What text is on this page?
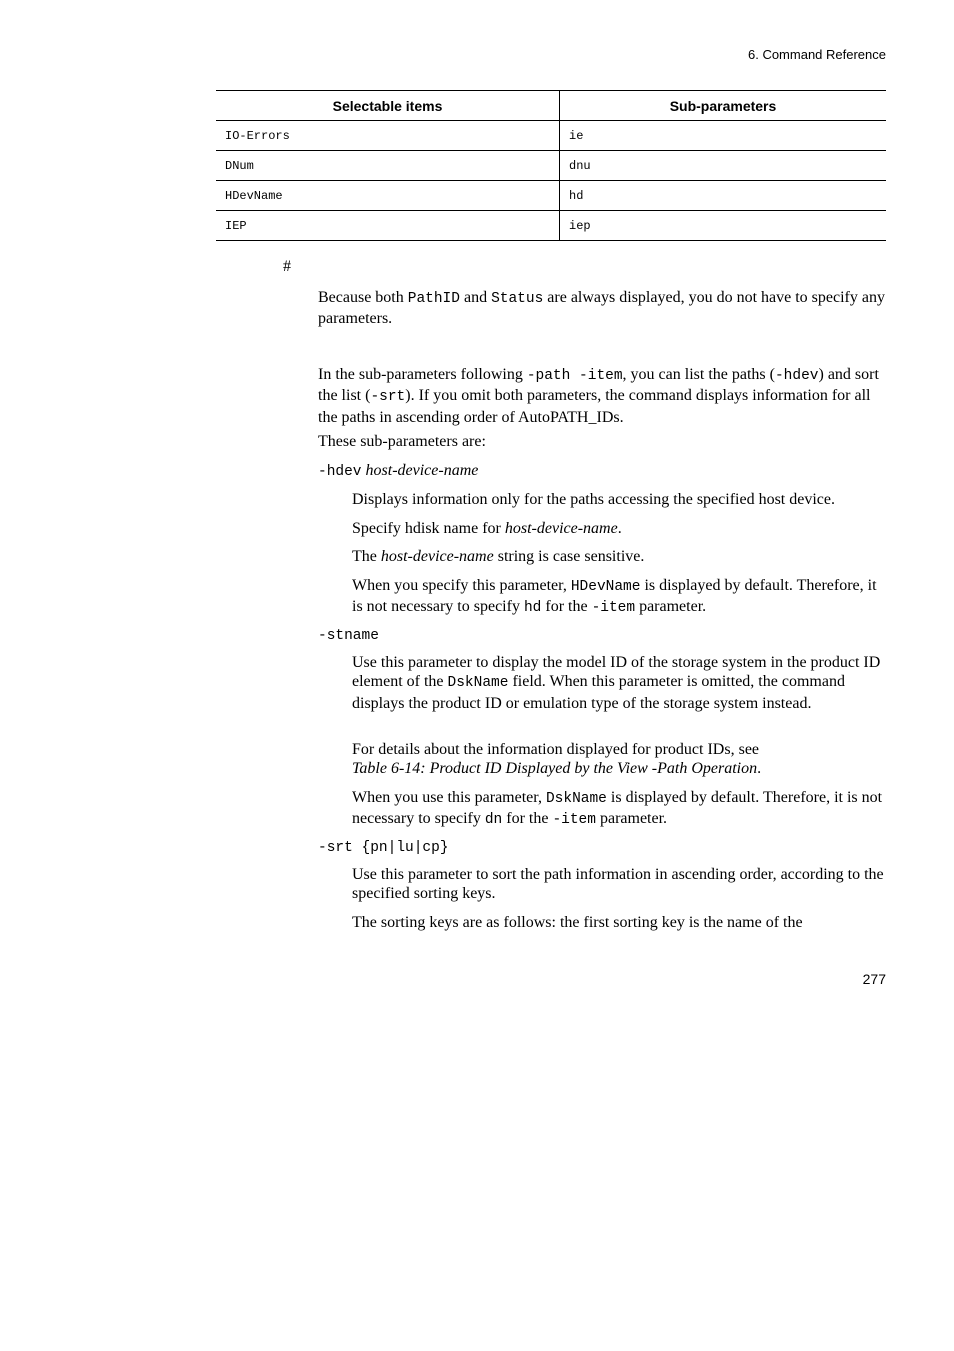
6. Command Reference
Selectable items	Sub-parameters
IO-Errors	ie
DNum	dnu
HDevName	hd
IEP	iep
#

Because both PathID and Status are always displayed, you do not have to specify any parameters.

In the sub-parameters following -path -item, you can list the paths (-hdev) and sort the list (-srt). If you omit both parameters, the command displays information for all the paths in ascending order of AutoPATH_IDs.

These sub-parameters are:

-hdev host-device-name

Displays information only for the paths accessing the specified host device.

Specify hdisk name for host-device-name.

The host-device-name string is case sensitive.

When you specify this parameter, HDevName is displayed by default. Therefore, it is not necessary to specify hd for the -item parameter.

-stname

Use this parameter to display the model ID of the storage system in the product ID element of the DskName field. When this parameter is omitted, the command displays the product ID or emulation type of the storage system instead.

For details about the information displayed for product IDs, see
Table 6-14: Product ID Displayed by the View -Path Operation.

When you use this parameter, DskName is displayed by default. Therefore, it is not necessary to specify dn for the -item parameter.

-srt {pn|lu|cp}

Use this parameter to sort the path information in ascending order, according to the specified sorting keys.

The sorting keys are as follows: the first sorting key is the name of the

277
